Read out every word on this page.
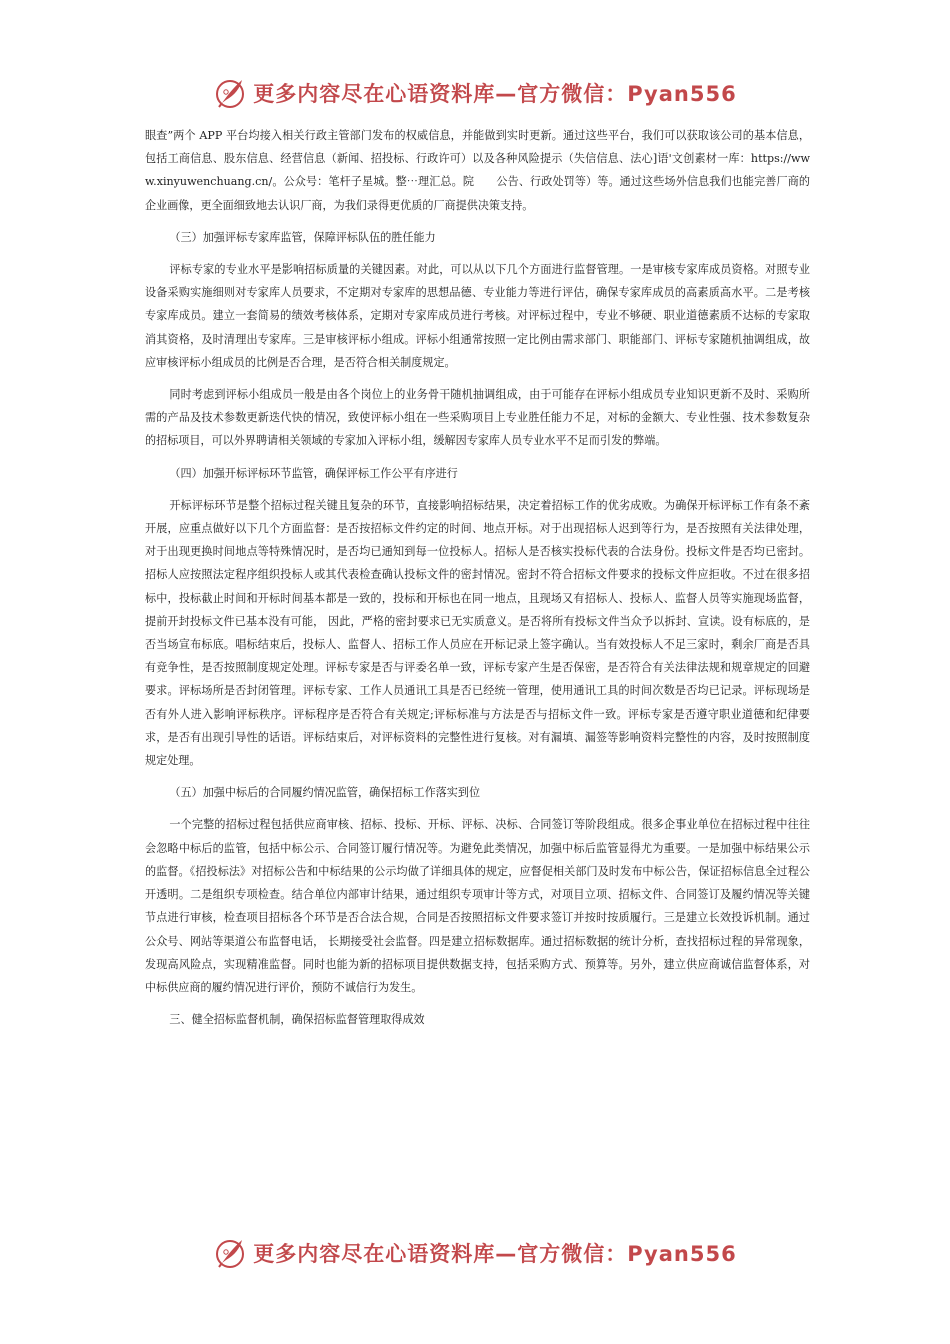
更多内容尽在心语资料库—官方微信：Pyan556

眼查”两个 APP 平台均接入相关行政主管部门发布的权威信息，并能做到实时更新。通过这些平台，我们可以获取该公司的基本信息，包括工商信息、股东信息、经营信息（新闻、招投标、行政许可）以及各种风险提示（失信信息、法心]语'文创素材一库：https://www.xinyuwenchuang.cn/。公众号：笔杆子星城。整⋯理汇总。院　　公告、行政处罚等）等。通过这些场外信息我们也能完善厂商的企业画像，更全面细致地去认识厂商，为我们录得更优质的厂商提供决策支持。

（三）加强评标专家库监管，保障评标队伍的胜任能力

评标专家的专业水平是影响招标质量的关键因素。对此，可以从以下几个方面进行监督管理。一是审核专家库成员资格。对照专业设备采购实施细则对专家库人员要求，不定期对专家库的思想品德、专业能力等进行评估，确保专家库成员的高素质高水平。二是考核专家库成员。建立一套简易的绩效考核体系，定期对专家库成员进行考核。对评标过程中，专业不够硬、职业道德素质不达标的专家取消其资格，及时清理出专家库。三是审核评标小组成。评标小组通常按照一定比例由需求部门、职能部门、评标专家随机抽调组成，故应审核评标小组成员的比例是否合理，是否符合相关制度规定。

同时考虑到评标小组成员一般是由各个岗位上的业务骨干随机抽调组成，由于可能存在评标小组成员专业知识更新不及时、采购所需的产品及技术参数更新迭代快的情况，致使评标小组在一些采购项目上专业胜任能力不足，对标的金额大、专业性强、技术参数复杂的招标项目，可以外界聘请相关领域的专家加入评标小组，缓解因专家库人员专业水平不足而引发的弊端。

（四）加强开标评标环节监管，确保评标工作公平有序进行

开标评标环节是整个招标过程关键且复杂的环节，直接影响招标结果，决定着招标工作的优劣成败。为确保开标评标工作有条不紊开展，应重点做好以下几个方面监督：是否按招标文件约定的时间、地点开标。对于出现招标人迟到等行为，是否按照有关法律处理，对于出现更换时间地点等特殊情况时，是否均已通知到每一位投标人。招标人是否核实投标代表的合法身份。投标文件是否均已密封。招标人应按照法定程序组织投标人或其代表检查确认投标文件的密封情况。密封不符合招标文件要求的投标文件应拒收。不过在很多招标中，投标截止时间和开标时间基本都是一致的，投标和开标也在同一地点，且现场又有招标人、投标人、监督人员等实施现场监督，提前开封投标文件已基本没有可能， 因此，严格的密封要求已无实质意义。是否将所有投标文件当众予以拆封、宣读。设有标底的，是否当场宣布标底。唱标结束后，投标人、监督人、招标工作人员应在开标记录上签字确认。当有效投标人不足三家时，剩余厂商是否具有竞争性，是否按照制度规定处理。评标专家是否与评委名单一致，评标专家产生是否保密，是否符合有关法律法规和规章规定的回避要求。评标场所是否封闭管理。评标专家、工作人员通讯工具是否已经统一管理，使用通讯工具的时间次数是否均已记录。评标现场是否有外人进入影响评标秩序。评标程序是否符合有关规定;评标标准与方法是否与招标文件一致。评标专家是否遵守职业道德和纪律要求，是否有出现引导性的话语。评标结束后，对评标资料的完整性进行复核。对有漏填、漏签等影响资料完整性的内容，及时按照制度规定处理。

（五）加强中标后的合同履约情况监管，确保招标工作落实到位

一个完整的招标过程包括供应商审核、招标、投标、开标、评标、决标、合同签订等阶段组成。很多企事业单位在招标过程中往往会忽略中标后的监管，包括中标公示、合同签订履行情况等。为避免此类情况，加强中标后监管显得尤为重要。一是加强中标结果公示的监督。《招投标法》对招标公告和中标结果的公示均做了详细具体的规定，应督促相关部门及时发布中标公告，保证招标信息全过程公开透明。二是组织专项检查。结合单位内部审计结果，通过组织专项审计等方式，对项目立项、招标文件、合同签订及履约情况等关键节点进行审核，检查项目招标各个环节是否合法合规，合同是否按照招标文件要求签订并按时按质履行。三是建立长效投诉机制。通过公众号、网站等渠道公布监督电话， 长期接受社会监督。四是建立招标数据库。通过招标数据的统计分析，查找招标过程的异常现象，发现高风险点，实现精准监督。同时也能为新的招标项目提供数据支持，包括采购方式、预算等。另外，建立供应商诚信监督体系，对中标供应商的履约情况进行评价，预防不诚信行为发生。

三、健全招标监督机制，确保招标监督管理取得成效

更多内容尽在心语资料库—官方微信：Pyan556
